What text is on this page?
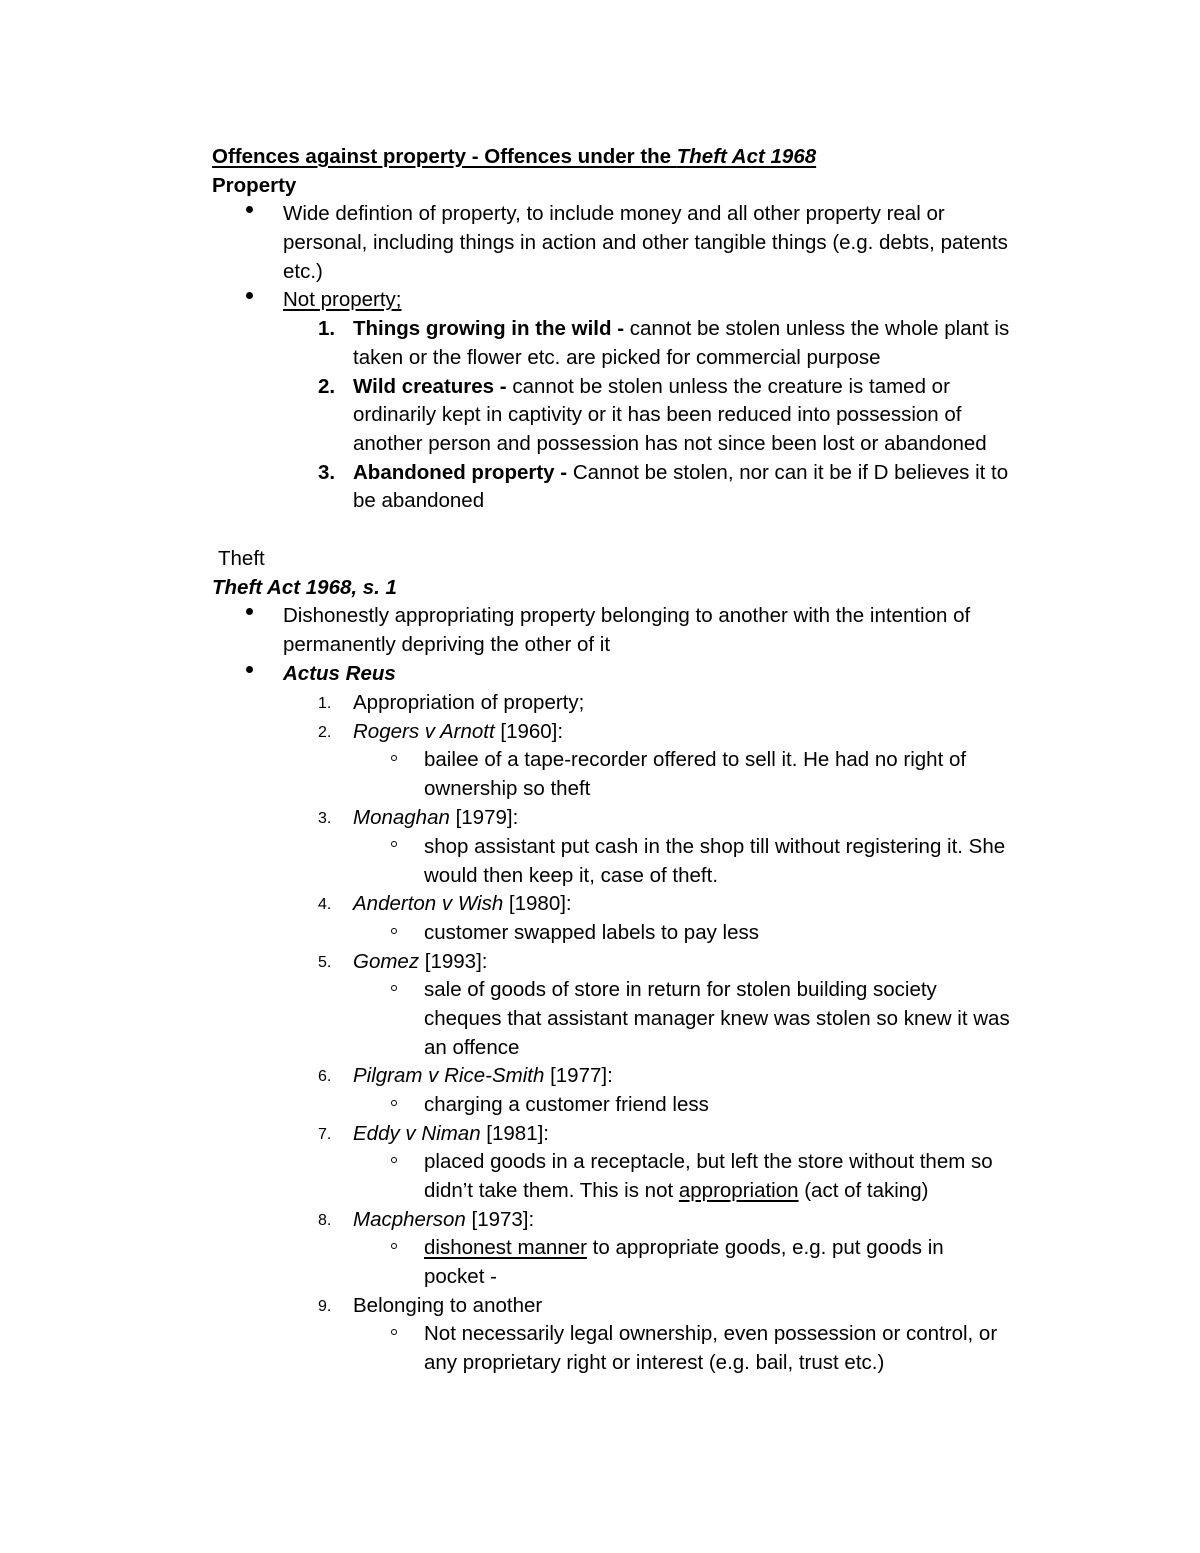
Offences against property - Offences under the Theft Act 1968
Property
Wide defintion of property, to include money and all other property real or
personal, including things in action and other tangible things (e.g. debts, patents
etc.)
Not property;
1. Things growing in the wild - cannot be stolen unless the whole plant is
taken or the flower etc. are picked for commercial purpose
2. Wild creatures - cannot be stolen unless the creature is tamed or
ordinarily kept in captivity or it has been reduced into possession of
another person and possession has not since been lost or abandoned
3. Abandoned property - Cannot be stolen, nor can it be if D believes it to
be abandoned
Theft
Theft Act 1968, s. 1
Dishonestly appropriating property belonging to another with the intention of
permanently depriving the other of it
Actus Reus
1. Appropriation of property;
2. Rogers v Arnott [1960]:
bailee of a tape-recorder offered to sell it. He had no right of
ownership so theft
3. Monaghan [1979]:
shop assistant put cash in the shop till without registering it. She
would then keep it, case of theft.
4. Anderton v Wish [1980]:
customer swapped labels to pay less
5. Gomez [1993]:
sale of goods of store in return for stolen building society
cheques that assistant manager knew was stolen so knew it was
an offence
6. Pilgram v Rice-Smith [1977]:
charging a customer friend less
7. Eddy v Niman [1981]:
placed goods in a receptacle, but left the store without them so
didn’t take them. This is not appropriation (act of taking)
8. Macpherson [1973]:
dishonest manner to appropriate goods, e.g. put goods in
pocket -
9. Belonging to another
Not necessarily legal ownership, even possession or control, or
any proprietary right or interest (e.g. bail, trust etc.)
